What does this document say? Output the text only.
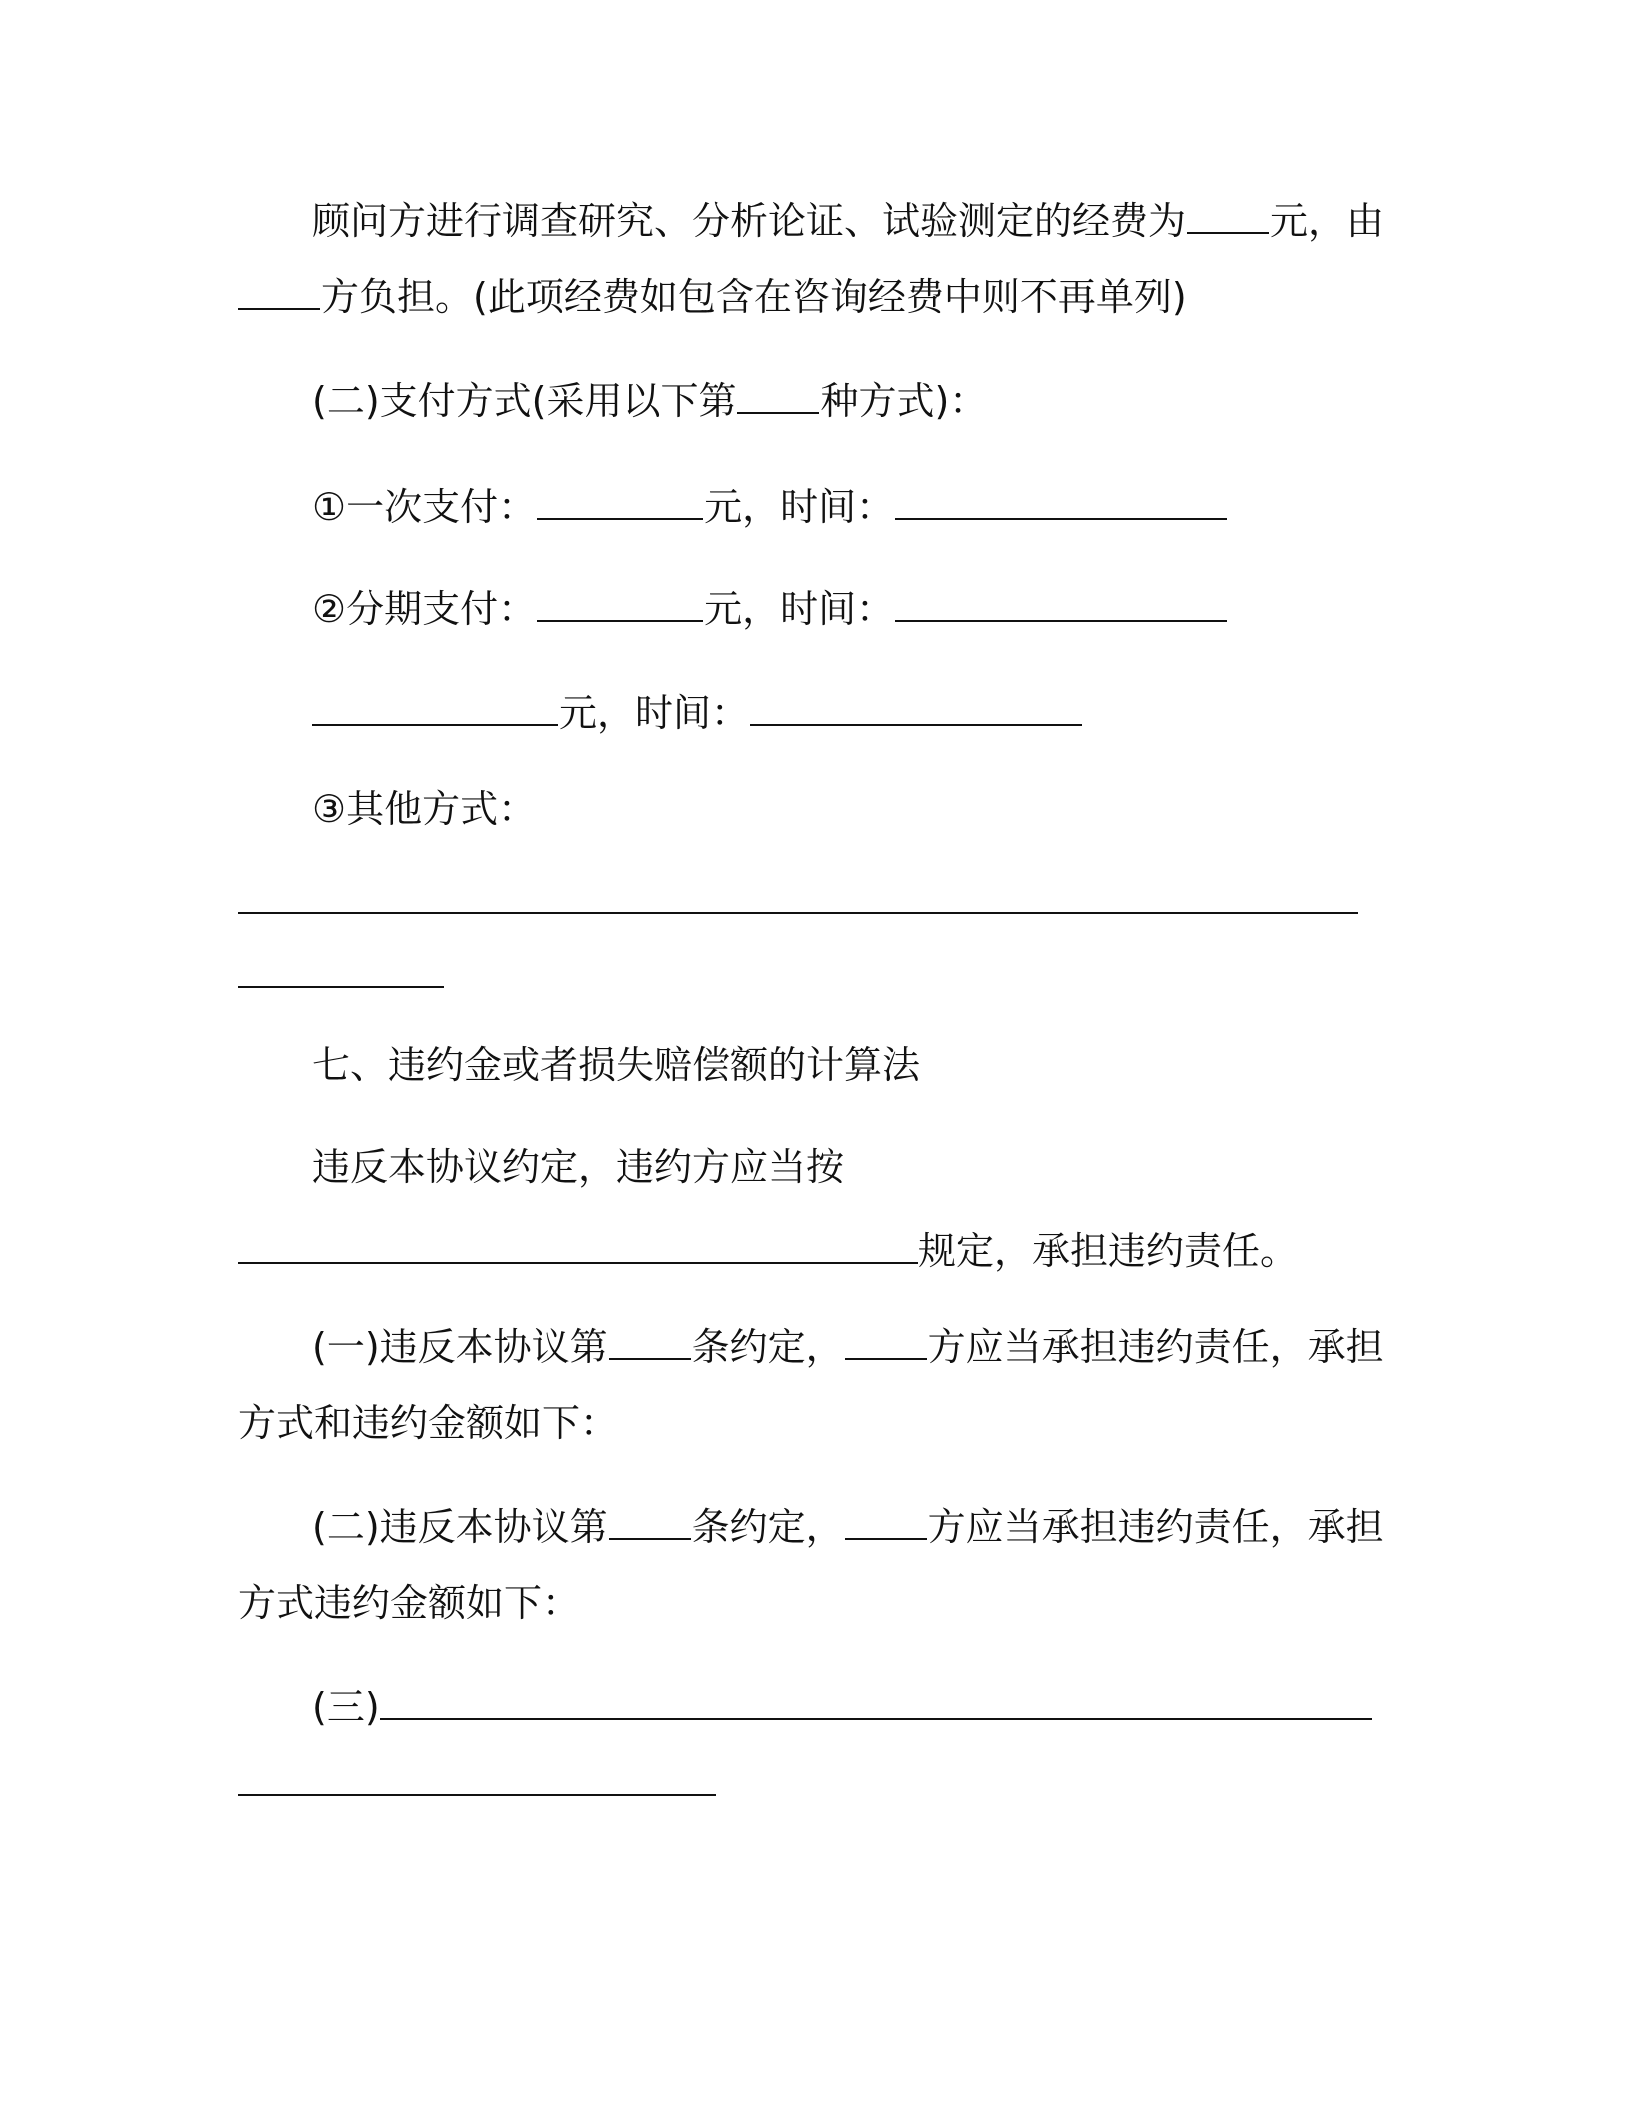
顾问方进行调查研究、分析论证、试验测定的经费为 元，由
方负担。(此项经费如包含在咨询经费中则不再单列)
(二)支付方式(采用以下第 种方式)：
①一次支付：	元，时间：
②分期支付：	元，时间：
元，时间：
③其他方式：
七、违约金或者损失赔偿额的计算法
违反本协议约定，违约方应当按
规定，承担违约责任。
(一)违反本协议第 条约定， 方应当承担违约责任，承担
方式和违约金额如下：
(二)违反本协议第 条约定， 方应当承担违约责任，承担
方式违约金额如下：
(三)
